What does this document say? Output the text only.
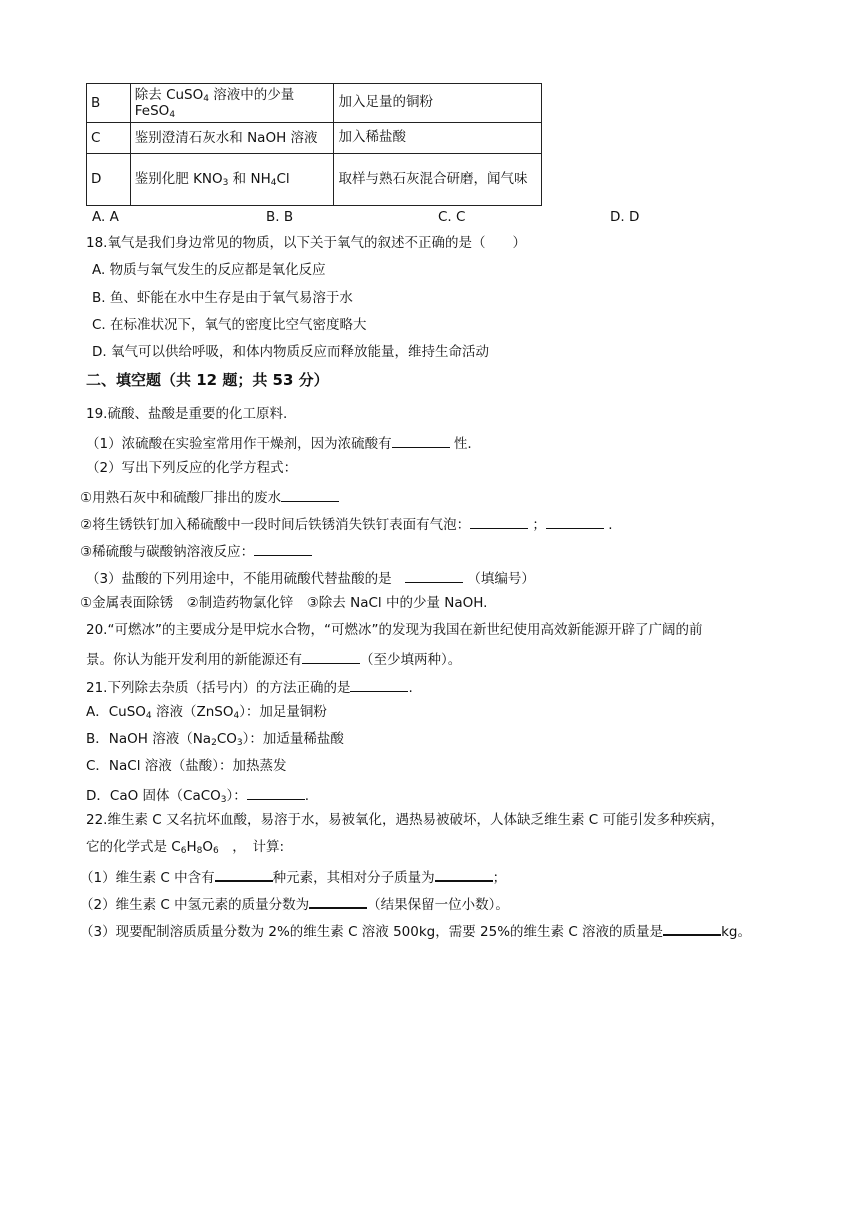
B	除去 CuSO$_4$ 溶液中的少量 FeSO$_4$	加入足量的铜粉
C	鉴别澄清石灰水和 NaOH 溶液	加入稀盐酸
D	鉴别化肥 $KNO_3$ 和 $NH_4Cl$	取样与熟石灰混合研磨，闻气味
A. A	B. B	C. C	D. D
18.氧气是我们身边常见的物质，以下关于氧气的叙述不正确的是（　　）
A. 物质与氧气发生的反应都是氧化反应
B. 鱼、虾能在水中生存是由于氧气易溶于水
C. 在标准状况下，氧气的密度比空气密度略大
D. 氧气可以供给呼吸，和体内物质反应而释放能量，维持生命活动
二、填空题（共 12 题；共 53 分）
19.硫酸、盐酸是重要的化工原料.
（1）浓硫酸在实验室常用作干燥剂，因为浓硫酸有	性.
（2）写出下列反应的化学方程式：
①用熟石灰中和硫酸厂排出的废水
②将生锈铁钉加入稀硫酸中一段时间后铁锈消失铁钉表面有气泡：	；	.
③稀硫酸与碳酸钠溶液反应：
（3）盐酸的下列用途中，不能用硫酸代替盐酸的是　	（填编号）
①金属表面除锈　②制造药物氯化锌　③除去 NaCl 中的少量 NaOH.
20.“可燃冰”的主要成分是甲烷水合物，“可燃冰”的发现为我国在新世纪使用高效新能源开辟了广阔的前
景。你认为能开发利用的新能源还有	（至少填两种）。
21.下列除去杂质（括号内）的方法正确的是	.
A．CuSO$_4$ 溶液（ZnSO$_4$）：加足量铜粉
B．NaOH 溶液$(Na_2CO_3)$：加适量稀盐酸
C．NaCl 溶液（盐酸）：加热蒸发
D．CaO 固体（CaCO$_3$）：	.
22.维生素 C 又名抗坏血酸，易溶于水，易被氧化，遇热易被破坏，人体缺乏维生素 C 可能引发多种疾病，
它的化学式是 $C_6H_8O_6$　，　计算:
（1）维生素 C 中含有	种元素，其相对分子质量为	；
（2）维生素 C 中氢元素的质量分数为	（结果保留一位小数）。
（3）现要配制溶质质量分数为 2%的维生素 C 溶液 500kg，需要 25%的维生素 C 溶液的质量是	kg。
